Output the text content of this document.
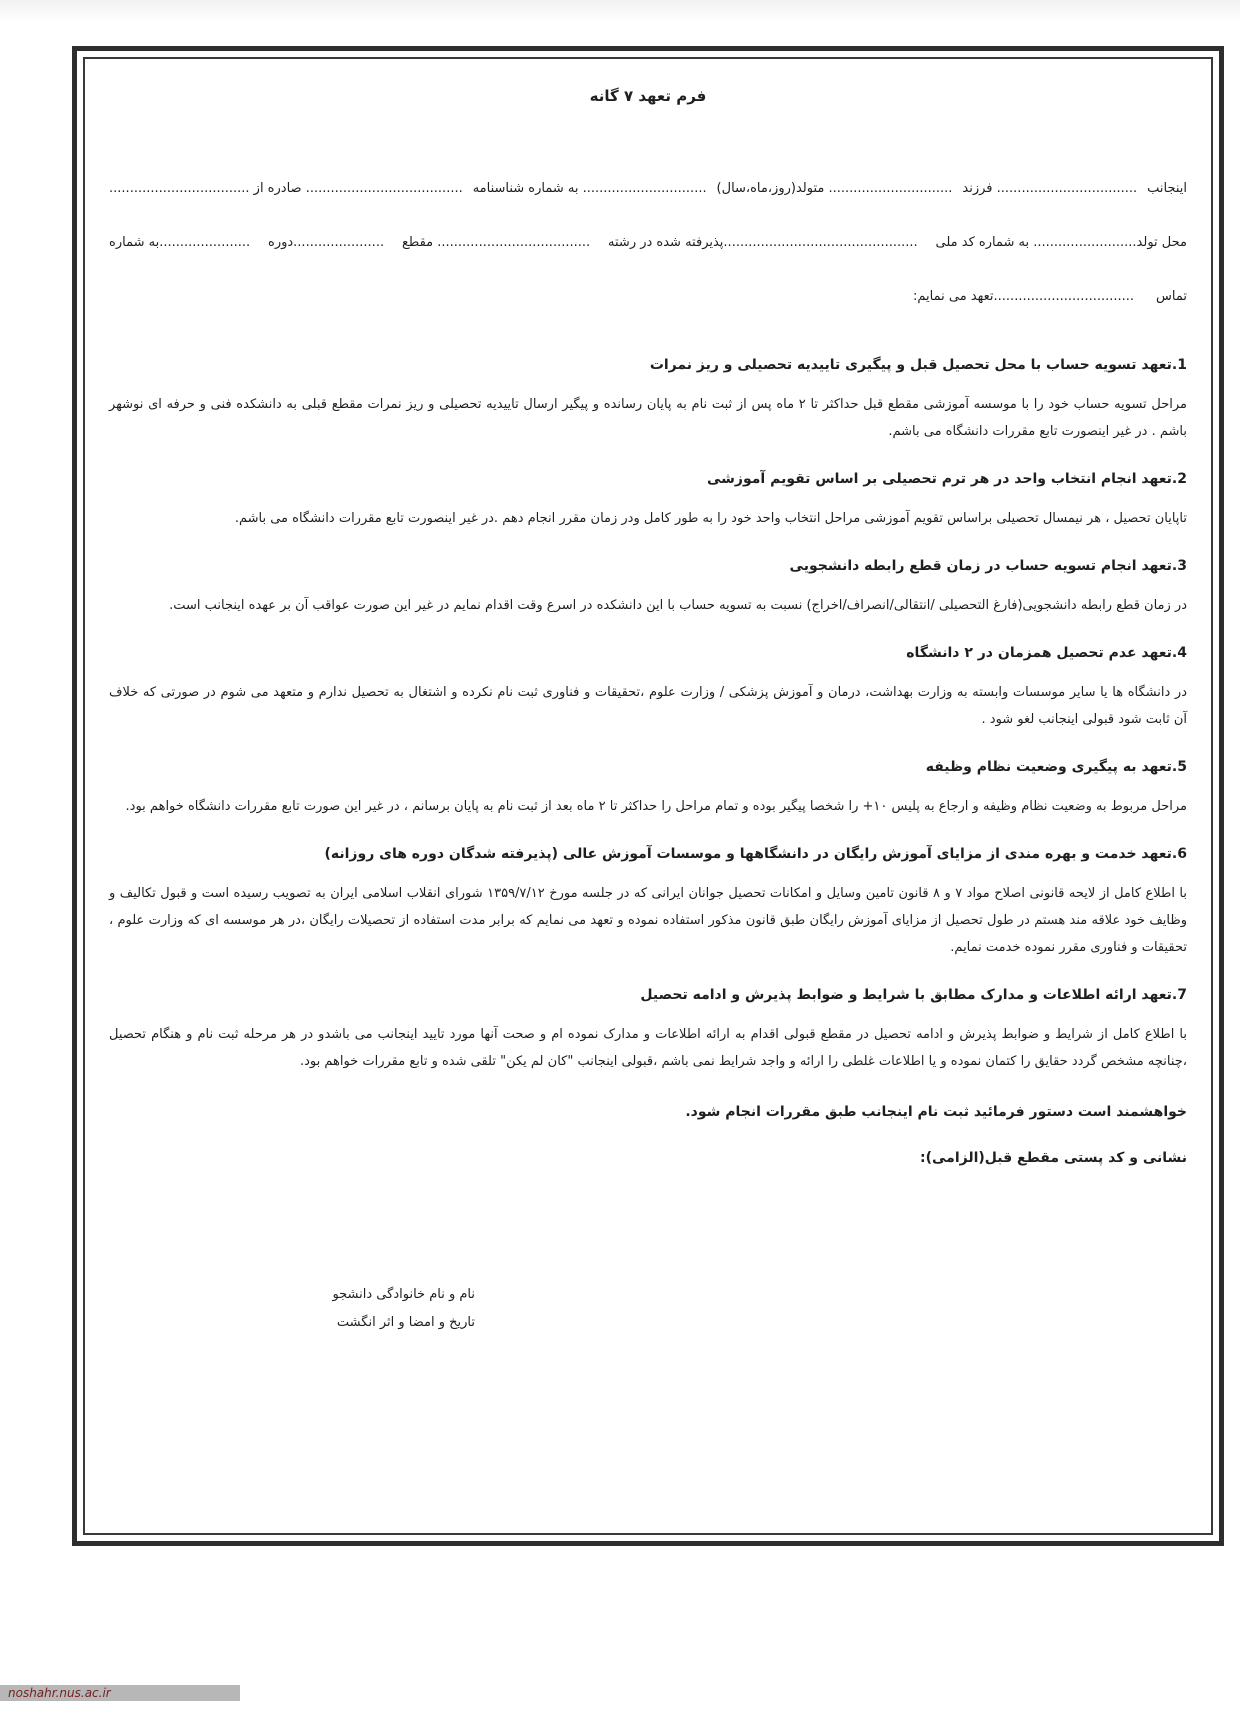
فرم تعهد ۷ گانه
اینجانب
.................................. فرزند
.............................. متولد(روز،ماه،سال)
.............................. به شماره شناسنامه
...................................... صادره از ..................................
محل تولد......................... به شماره کد ملی
...............................................پذیرفته شده در رشته
..................................... مقطع
......................دوره
......................به شماره
تماس
..................................تعهد می نمایم:
1.تعهد تسویه حساب با محل تحصیل قبل و پیگیری تاییدیه تحصیلی و ریز نمرات

مراحل تسویه حساب خود را با موسسه آموزشی مقطع قبل حداکثر تا ۲ ماه پس از ثبت نام به پایان رسانده و پیگیر ارسال تاییدیه تحصیلی و ریز نمرات مقطع قبلی به دانشکده فنی و حرفه ای نوشهر باشم . در غیر اینصورت تابع مقررات دانشگاه می باشم.

2.تعهد انجام انتخاب واحد در هر ترم تحصیلی بر اساس تقویم آموزشی

تاپایان تحصیل ، هر نیمسال تحصیلی براساس تقویم آموزشی مراحل انتخاب واحد خود را به طور کامل ودر زمان مقرر انجام دهم .در غیر اینصورت تابع مقررات دانشگاه می باشم.

3.تعهد انجام تسویه حساب در زمان قطع رابطه دانشجویی

در زمان قطع رابطه دانشجویی(فارغ التحصیلی /انتقالی/انصراف/اخراج) نسبت به تسویه حساب با این دانشکده در اسرع وقت اقدام نمایم در غیر این صورت عواقب آن بر عهده اینجانب است.

4.تعهد عدم تحصیل همزمان در ۲ دانشگاه

در دانشگاه ها یا سایر موسسات وابسته به وزارت بهداشت، درمان و آموزش پزشکی / وزارت علوم ،تحقیقات و فناوری ثبت نام نکرده و اشتغال به تحصیل ندارم و متعهد می شوم در صورتی که خلاف آن ثابت شود قبولی اینجانب لغو شود .

5.تعهد به پیگیری وضعیت نظام وظیفه

مراحل مربوط به وضعیت نظام وظیفه و ارجاع به پلیس ۱۰+ را شخصا پیگیر بوده و تمام مراحل را حداکثر تا ۲ ماه بعد از ثبت نام به پایان برسانم ، در غیر این صورت تابع مقررات دانشگاه خواهم بود.

6.تعهد خدمت و بهره مندی از مزایای آموزش رایگان در دانشگاهها و موسسات آموزش عالی (پذیرفته شدگان دوره های روزانه)

با اطلاع کامل از لایحه قانونی اصلاح مواد ۷ و ۸ قانون تامین وسایل و امکانات تحصیل جوانان ایرانی که در جلسه مورخ ۱۳۵۹/۷/۱۲ شورای انقلاب اسلامی ایران به تصویب رسیده است و قبول تکالیف و وظایف خود علاقه مند هستم در طول تحصیل از مزایای آموزش رایگان طبق قانون مذکور استفاده نموده و تعهد می نمایم که برابر مدت استفاده از تحصیلات رایگان ،در هر موسسه ای که وزارت علوم ، تحقیقات و فناوری مقرر نموده خدمت نمایم.

7.تعهد ارائه اطلاعات و مدارک مطابق با شرایط و ضوابط پذیرش و ادامه تحصیل

با اطلاع کامل از شرایط و ضوابط پذیرش و ادامه تحصیل در مقطع قبولی اقدام به ارائه اطلاعات و مدارک نموده ام و صحت آنها مورد تایید اینجانب می باشدو در هر مرحله ثبت نام و هنگام تحصیل ،چنانچه مشخص گردد حقایق را کتمان نموده و یا اطلاعات غلطی را ارائه و واجد شرایط نمی باشم ،قبولی اینجانب "کان لم یکن" تلقی شده و تابع مقررات خواهم بود.

خواهشمند است دستور فرمائید ثبت نام اینجانب طبق مقررات انجام شود.
نشانی و کد پستی مقطع قبل(الزامی):
نام و نام خانوادگی دانشجو
تاریخ و امضا و اثر انگشت
noshahr.nus.ac.ir
